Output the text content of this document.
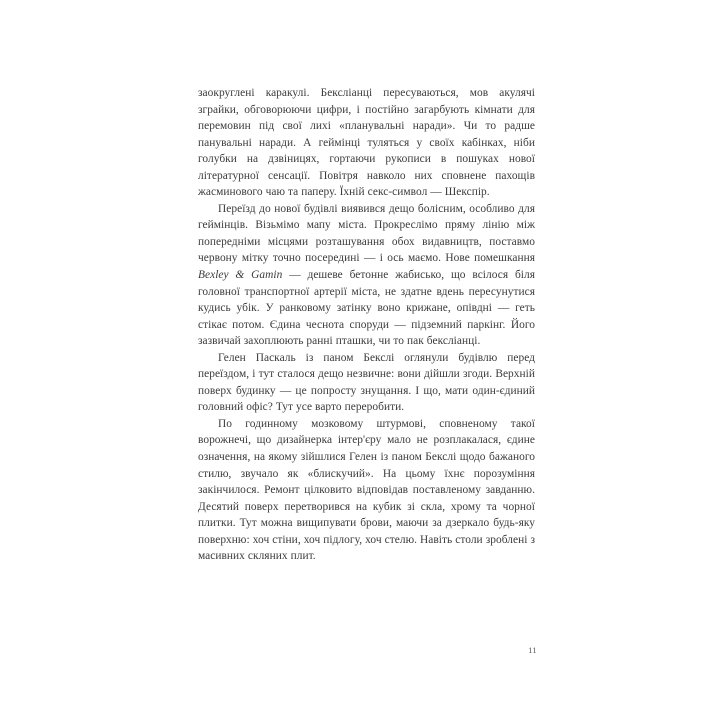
заокруглені каракулі. Бексліанці пересуваються, мов акулячі зграйки, обговорюючи цифри, і постійно загарбують кімнати для перемовин під свої лихі «планувальні наради». Чи то радше панувальні наради. А геймінці туляться у своїх кабінках, ніби голубки на дзвіницях, гортаючи рукописи в пошуках нової літературної сенсації. Повітря навколо них сповнене пахощів жасминового чаю та паперу. Їхній секс-символ — Шекспір.

Переїзд до нової будівлі виявився дещо болісним, особливо для геймінців. Візьмімо мапу міста. Прокреслімо пряму лінію між попередніми місцями розташування обох видавництв, поставмо червону мітку точно посередині — і ось маємо. Нове помешкання Bexley & Gamin — дешеве бетонне жабисько, що всілося біля головної транспортної артерії міста, не здатне вдень пересунутися кудись убік. У ранковому затінку воно крижане, опівдні — геть стікає потом. Єдина чеснота споруди — підземний паркінг. Його зазвичай захоплюють ранні пташки, чи то пак бексліанці.

Гелен Паскаль із паном Бекслі оглянули будівлю перед переїздом, і тут сталося дещо незвичне: вони дійшли згоди. Верхній поверх будинку — це попросту знущання. І що, мати один-єдиний головний офіс? Тут усе варто переробити.

По годинному мозковому штурмові, сповненому такої ворожнечі, що дизайнерка інтер'єру мало не розплакалася, єдине означення, на якому зійшлися Гелен із паном Бекслі щодо бажаного стилю, звучало як «блискучий». На цьому їхнє порозуміння закінчилося. Ремонт цілковито відповідав поставленому завданню. Десятий поверх перетворився на кубик зі скла, хрому та чорної плитки. Тут можна вищипувати брови, маючи за дзеркало будь-яку поверхню: хоч стіни, хоч підлогу, хоч стелю. Навіть столи зроблені з масивних скляних плит.

11
